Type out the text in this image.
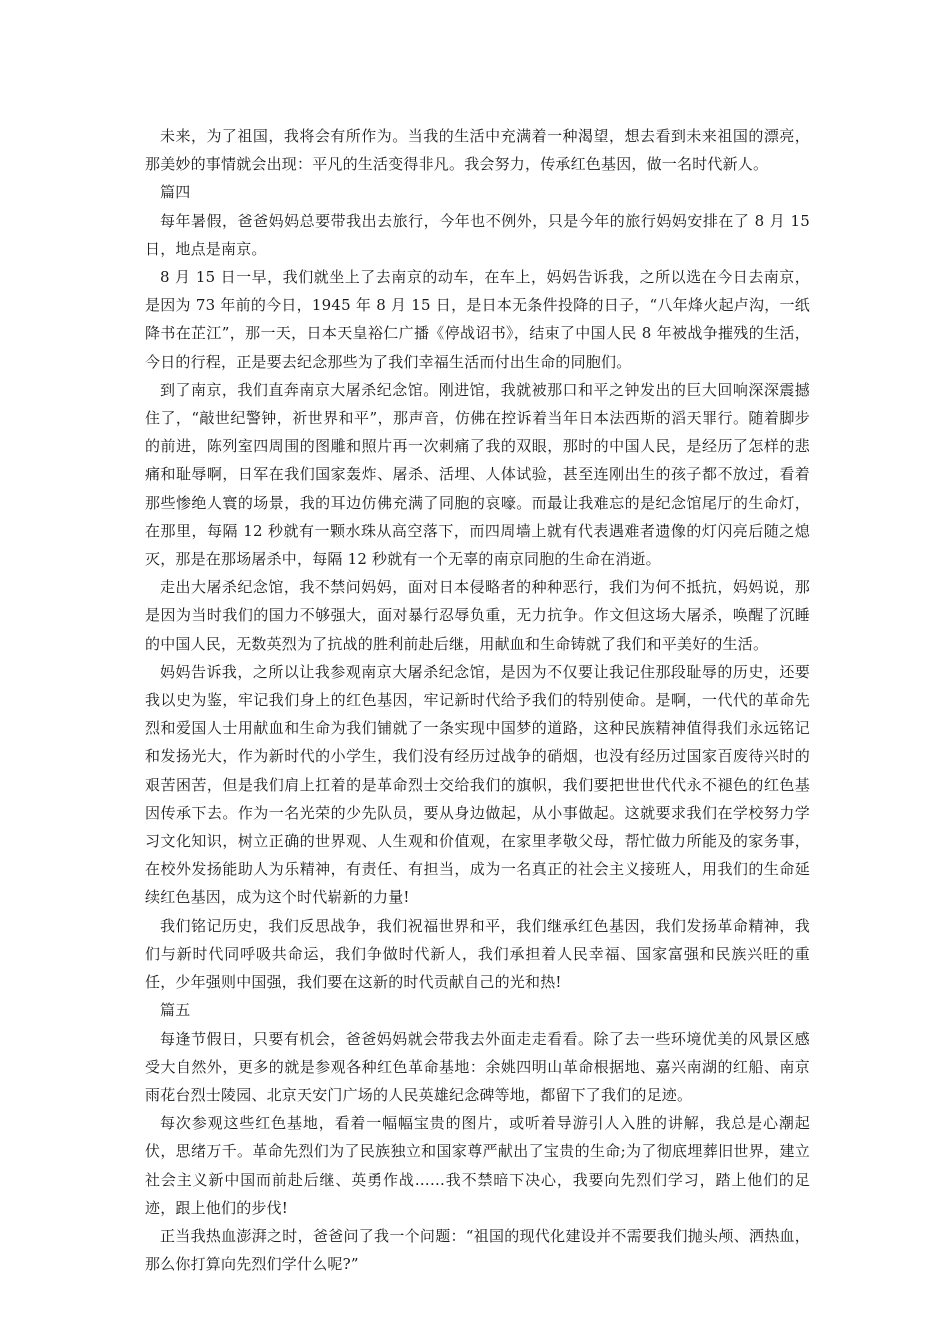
未来，为了祖国，我将会有所作为。当我的生活中充满着一种渴望，想去看到未来祖国的漂亮，那美妙的事情就会出现：平凡的生活变得非凡。我会努力，传承红色基因，做一名时代新人。

篇四

每年暑假，爸爸妈妈总要带我出去旅行，今年也不例外，只是今年的旅行妈妈安排在了 8 月 15 日，地点是南京。

8 月 15 日一早，我们就坐上了去南京的动车，在车上，妈妈告诉我，之所以选在今日去南京，是因为 73 年前的今日，1945 年 8 月 15 日，是日本无条件投降的日子，“八年烽火起卢沟，一纸降书在芷江”，那一天，日本天皇裕仁广播《停战诏书》，结束了中国人民 8 年被战争摧残的生活，今日的行程，正是要去纪念那些为了我们幸福生活而付出生命的同胞们。

到了南京，我们直奔南京大屠杀纪念馆。刚进馆，我就被那口和平之钟发出的巨大回响深深震撼住了，“敲世纪警钟，祈世界和平”，那声音，仿佛在控诉着当年日本法西斯的滔天罪行。随着脚步的前进，陈列室四周围的图雕和照片再一次刺痛了我的双眼，那时的中国人民，是经历了怎样的悲痛和耻辱啊，日军在我们国家轰炸、屠杀、活埋、人体试验，甚至连刚出生的孩子都不放过，看着那些惨绝人寰的场景，我的耳边仿佛充满了同胞的哀嚎。而最让我难忘的是纪念馆尾厅的生命灯，在那里，每隔 12 秒就有一颗水珠从高空落下，而四周墙上就有代表遇难者遗像的灯闪亮后随之熄灭，那是在那场屠杀中，每隔 12 秒就有一个无辜的南京同胞的生命在消逝。

走出大屠杀纪念馆，我不禁问妈妈，面对日本侵略者的种种恶行，我们为何不抵抗，妈妈说，那是因为当时我们的国力不够强大，面对暴行忍辱负重，无力抗争。作文但这场大屠杀，唤醒了沉睡的中国人民，无数英烈为了抗战的胜利前赴后继，用献血和生命铸就了我们和平美好的生活。

妈妈告诉我，之所以让我参观南京大屠杀纪念馆，是因为不仅要让我记住那段耻辱的历史，还要我以史为鉴，牢记我们身上的红色基因，牢记新时代给予我们的特别使命。是啊，一代代的革命先烈和爱国人士用献血和生命为我们铺就了一条实现中国梦的道路，这种民族精神值得我们永远铭记和发扬光大，作为新时代的小学生，我们没有经历过战争的硝烟，也没有经历过国家百废待兴时的艰苦困苦，但是我们肩上扛着的是革命烈士交给我们的旗帜，我们要把世世代代永不褪色的红色基因传承下去。作为一名光荣的少先队员，要从身边做起，从小事做起。这就要求我们在学校努力学习文化知识，树立正确的世界观、人生观和价值观，在家里孝敬父母，帮忙做力所能及的家务事，在校外发扬能助人为乐精神，有责任、有担当，成为一名真正的社会主义接班人，用我们的生命延续红色基因，成为这个时代崭新的力量!

我们铭记历史，我们反思战争，我们祝福世界和平，我们继承红色基因，我们发扬革命精神，我们与新时代同呼吸共命运，我们争做时代新人，我们承担着人民幸福、国家富强和民族兴旺的重任，少年强则中国强，我们要在这新的时代贡献自己的光和热!

篇五

每逢节假日，只要有机会，爸爸妈妈就会带我去外面走走看看。除了去一些环境优美的风景区感受大自然外，更多的就是参观各种红色革命基地：余姚四明山革命根据地、嘉兴南湖的红船、南京雨花台烈士陵园、北京天安门广场的人民英雄纪念碑等地，都留下了我们的足迹。

每次参观这些红色基地，看着一幅幅宝贵的图片，或听着导游引人入胜的讲解，我总是心潮起伏，思绪万千。革命先烈们为了民族独立和国家尊严献出了宝贵的生命;为了彻底埋葬旧世界，建立社会主义新中国而前赴后继、英勇作战……我不禁暗下决心，我要向先烈们学习，踏上他们的足迹，跟上他们的步伐!

正当我热血澎湃之时，爸爸问了我一个问题：“祖国的现代化建设并不需要我们抛头颅、洒热血，那么你打算向先烈们学什么呢?”
